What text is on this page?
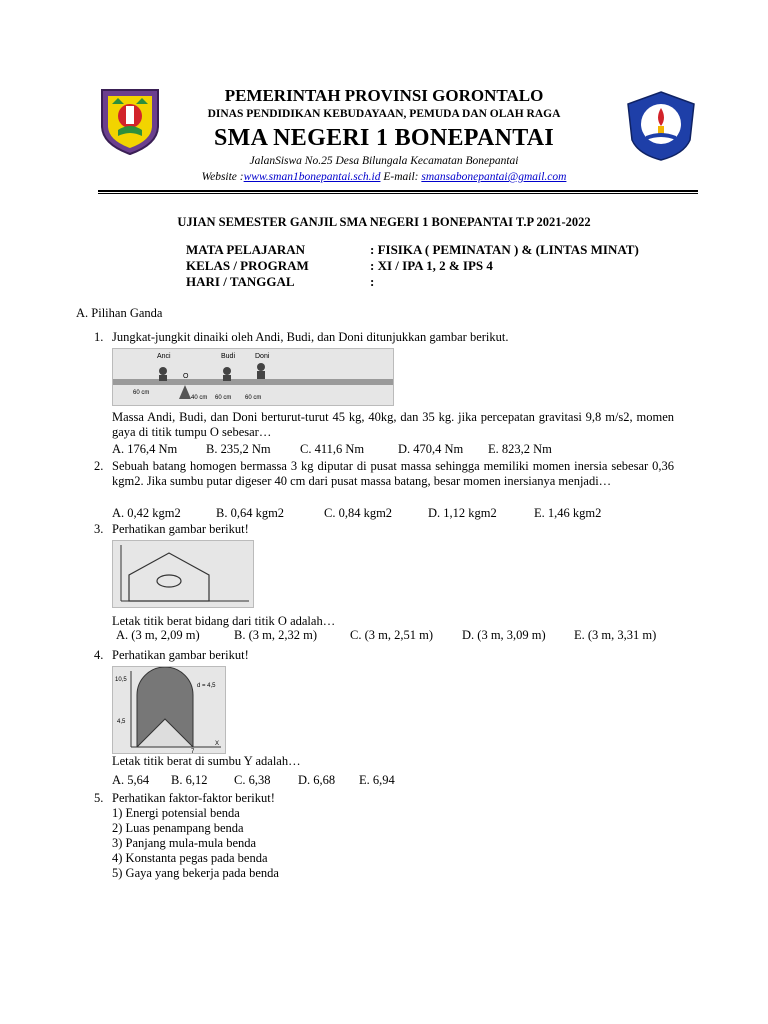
PEMERINTAH PROVINSI GORONTALO
DINAS PENDIDIKAN KEBUDAYAAN, PEMUDA DAN OLAH RAGA
SMA NEGERI 1 BONEPANTAI
JalanSiswa No.25 Desa Bilungala Kecamatan Bonepantai
Website :www.sman1bonepantai.sch.id E-mail: smansabonepantai@gmail.com
UJIAN SEMESTER GANJIL SMA NEGERI 1 BONEPANTAI T.P 2021-2022
MATA PELAJARAN	: FISIKA ( PEMINATAN ) & (LINTAS MINAT)
KELAS / PROGRAM	: XI / IPA 1, 2 & IPS 4
HARI / TANGGAL	:
A. Pilihan Ganda
1. Jungkat-jungkit dinaiki oleh Andi, Budi, dan Doni ditunjukkan gambar berikut.
Anci	Budi	Doni
O
60 cm
40 cm 60 cm 60 cm
Massa Andi, Budi, dan Doni berturut-turut 45 kg, 40kg, dan 35 kg. jika percepatan gravitasi 9,8 m/s2, momen gaya di titik tumpu O sebesar…
A. 176,4 Nm B. 235,2 Nm C. 411,6 Nm	D. 470,4 Nm E. 823,2 Nm
2. Sebuah batang homogen bermassa 3 kg diputar di pusat massa sehingga memiliki momen inersia sebesar 0,36 kgm2. Jika sumbu putar digeser 40 cm dari pusat massa batang, besar momen inersianya menjadi…
A. 0,42 kgm2	B. 0,64 kgm2	C. 0,84 kgm2	D. 1,12 kgm2	E. 1,46 kgm2
3. Perhatikan gambar berikut!
Letak titik berat bidang dari titik O adalah…
A. (3 m, 2,09 m)	B. (3 m, 2,32 m)	C. (3 m, 2,51 m) D. (3 m, 3,09 m) E. (3 m, 3,31 m)
4. Perhatikan gambar berikut!
10,5
4,5
d = 4,5
7
X
Letak titik berat di sumbu Y adalah…
A. 5,64 B. 6,12 C. 6,38 D. 6,68 E. 6,94
5. Perhatikan faktor-faktor berikut!
1) Energi potensial benda
2) Luas penampang benda
3) Panjang mula-mula benda
4) Konstanta pegas pada benda
5) Gaya yang bekerja pada benda
